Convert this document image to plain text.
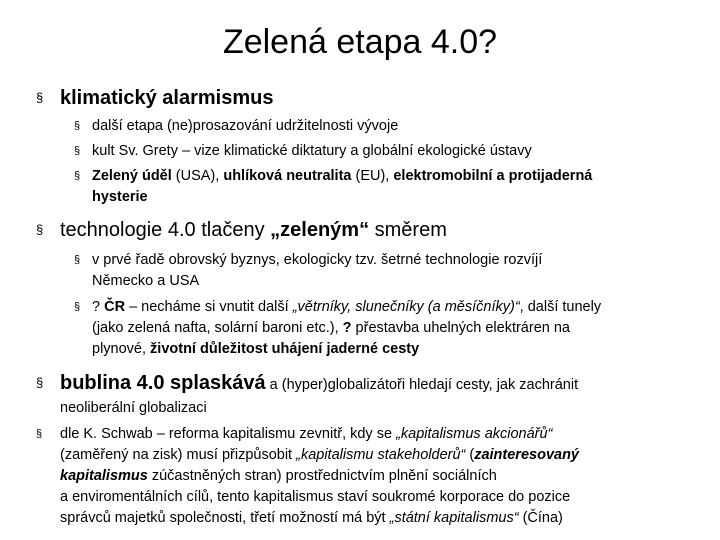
Zelená etapa 4.0?
§ klimatický alarmismus
§ další etapa (ne)prosazování udržitelnosti vývoje
§ kult Sv. Grety – vize klimatické diktatury a globální ekologické ústavy
§ Zelený úděl (USA), uhlíková neutralita (EU), elektromobilní a protijaderná
hysterie
§ technologie 4.0 tlačeny „zeleným“ směrem
§ v prvé řadě obrovský byznys, ekologicky tzv. šetrné technologie rozvíjí
Německo a USA
§ ? ČR – necháme si vnutit další „větrníky, slunečníky (a měsíčníky)“, další tunely
(jako zelená nafta, solární baroni etc.), ? přestavba uhelných elektráren na
plynové, životní důležitost uhájení jaderné cesty
§ bublina 4.0 splaskává a (hyper)globalizátoři hledají cesty, jak zachránit
neoliberální globalizaci
§ dle K. Schwab – reforma kapitalismu zevnitř, kdy se „kapitalismus akcionářů“
(zaměřený na zisk) musí přizpůsobit „kapitalismu stakeholderů“ (zainteresovaný
kapitalismus zúčastněných stran) prostřednictvím plnění sociálních
a enviromentálních cílů, tento kapitalismus staví soukromé korporace do pozice
správců majetků společnosti, třetí možností má být „státní kapitalismus“ (Čína)
